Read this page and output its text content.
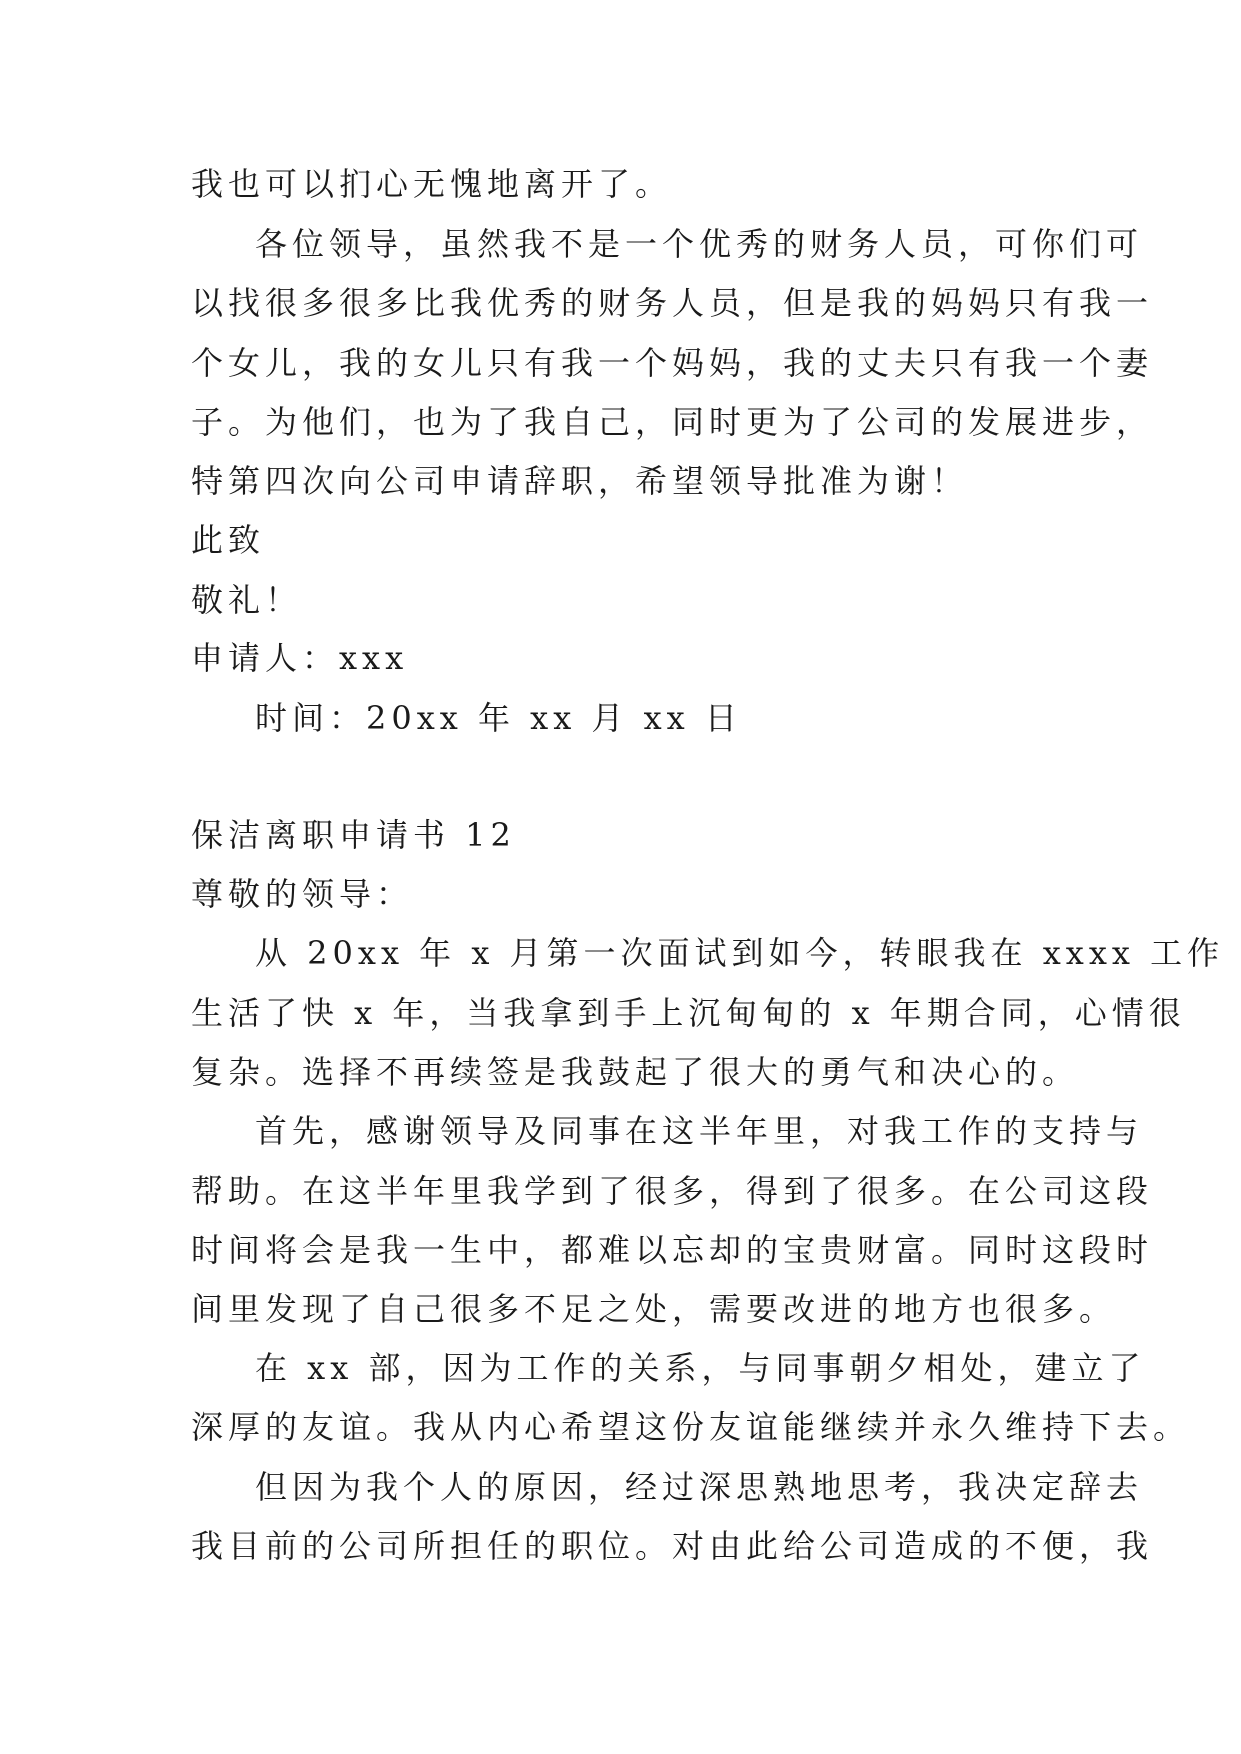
我也可以扪心无愧地离开了。
各位领导，虽然我不是一个优秀的财务人员，可你们可
以找很多很多比我优秀的财务人员，但是我的妈妈只有我一
个女儿，我的女儿只有我一个妈妈，我的丈夫只有我一个妻
子。为他们，也为了我自己，同时更为了公司的发展进步，
特第四次向公司申请辞职，希望领导批准为谢！
此致
敬礼！
申请人：xxx
时间：20xx 年 xx 月 xx 日
保洁离职申请书 12
尊敬的领导：
从 20xx 年 x 月第一次面试到如今，转眼我在 xxxx 工作
生活了快 x 年，当我拿到手上沉甸甸的 x 年期合同，心情很
复杂。选择不再续签是我鼓起了很大的勇气和决心的。
首先，感谢领导及同事在这半年里，对我工作的支持与
帮助。在这半年里我学到了很多，得到了很多。在公司这段
时间将会是我一生中，都难以忘却的宝贵财富。同时这段时
间里发现了自己很多不足之处，需要改进的地方也很多。
在 xx 部，因为工作的关系，与同事朝夕相处，建立了
深厚的友谊。我从内心希望这份友谊能继续并永久维持下去。
但因为我个人的原因，经过深思熟地思考，我决定辞去
我目前的公司所担任的职位。对由此给公司造成的不便，我
